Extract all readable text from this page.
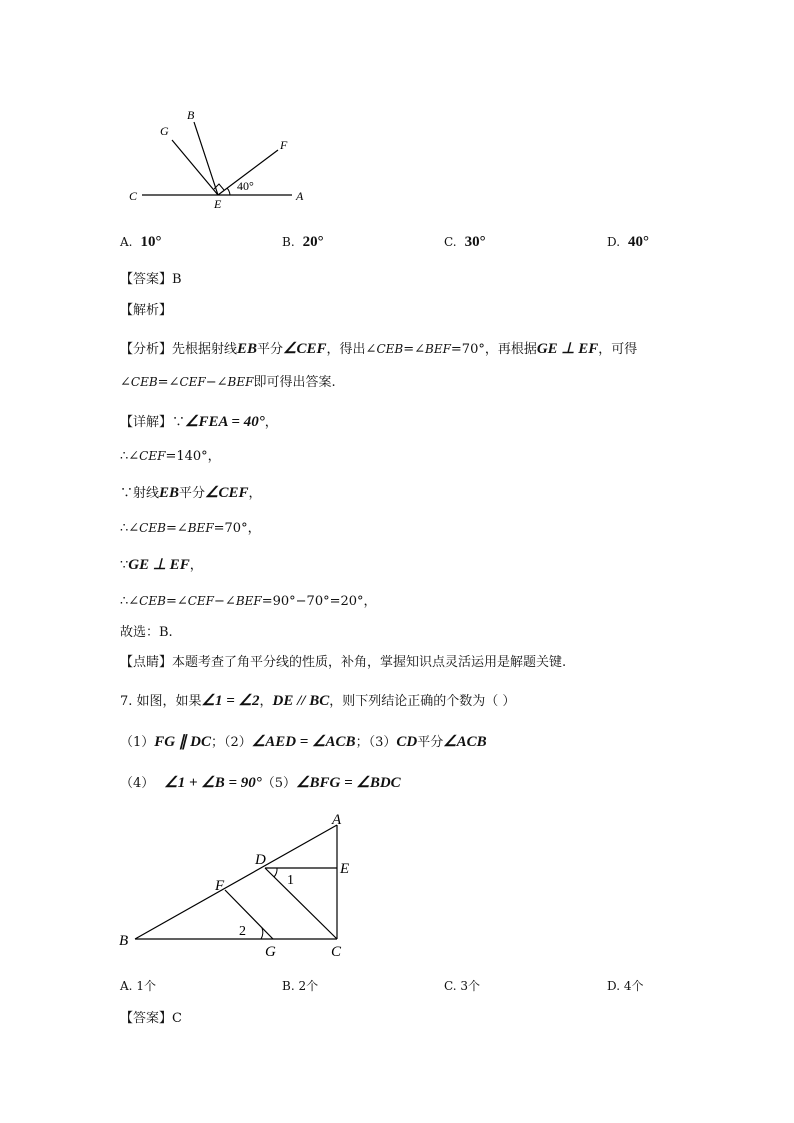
B
G
F
C
E
A
40°
A. 10°	B. 20°	C. 30°	D. 40°
【答案】B
【解析】
【分析】先根据射线EB平分∠CEF，得出∠CEB=∠BEF=70°，再根据GE ⊥ EF，可得
∠CEB=∠CEF−∠BEF即可得出答案.
【详解】∵∠FEA = 40°，
∴∠CEF=140°，
∵射线EB平分∠CEF，
∴∠CEB=∠BEF=70°，
∵GE ⊥ EF，
∴∠CEB=∠CEF−∠BEF=90°−70°=20°，
故选：B.
【点睛】本题考查了角平分线的性质，补角，掌握知识点灵活运用是解题关键.
7. 如图，如果∠1 = ∠2，DE // BC，则下列结论正确的个数为（ ）
（1）FG ∥ DC；（2）∠AED = ∠ACB；（3）CD平分∠ACB
（4） ∠1 + ∠B = 90°（5）∠BFG = ∠BDC
A
D
E
F
B
C
G
1
2
A. 1个	B. 2个	C. 3个	D. 4个
【答案】C
